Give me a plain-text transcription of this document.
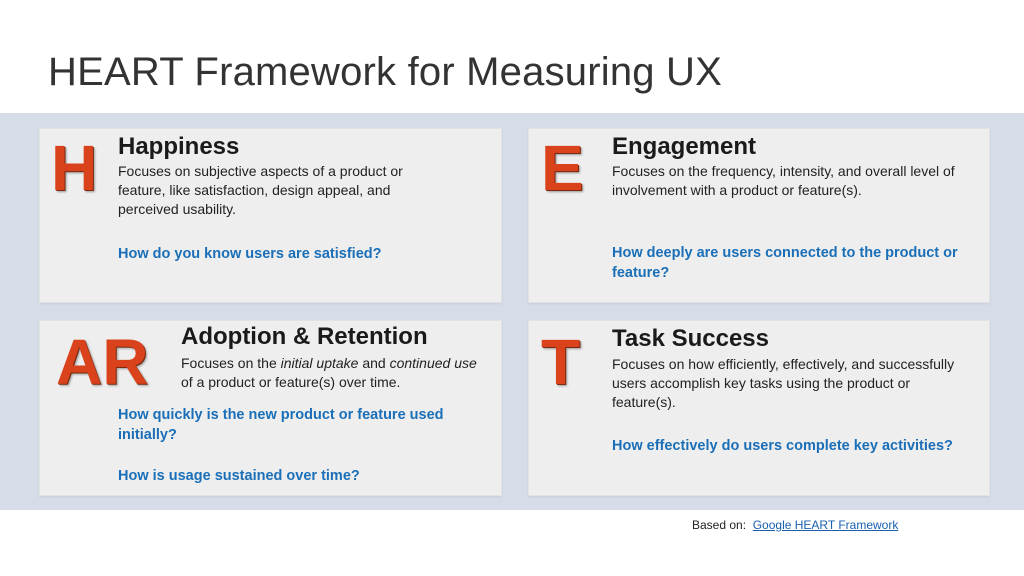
HEART Framework for Measuring UX
H Happiness
Focuses on subjective aspects of a product or feature, like satisfaction, design appeal, and perceived usability.
How do you know users are satisfied?
E Engagement
Focuses on the frequency, intensity, and overall level of involvement with a product or feature(s).
How deeply are users connected to the product or feature?
AR Adoption & Retention
Focuses on the initial uptake and continued use of a product or feature(s) over time.
How quickly is the new product or feature used initially?
How is usage sustained over time?
T Task Success
Focuses on how efficiently, effectively, and successfully users accomplish key tasks using the product or feature(s).
How effectively do users complete key activities?
Based on: Google HEART Framework
